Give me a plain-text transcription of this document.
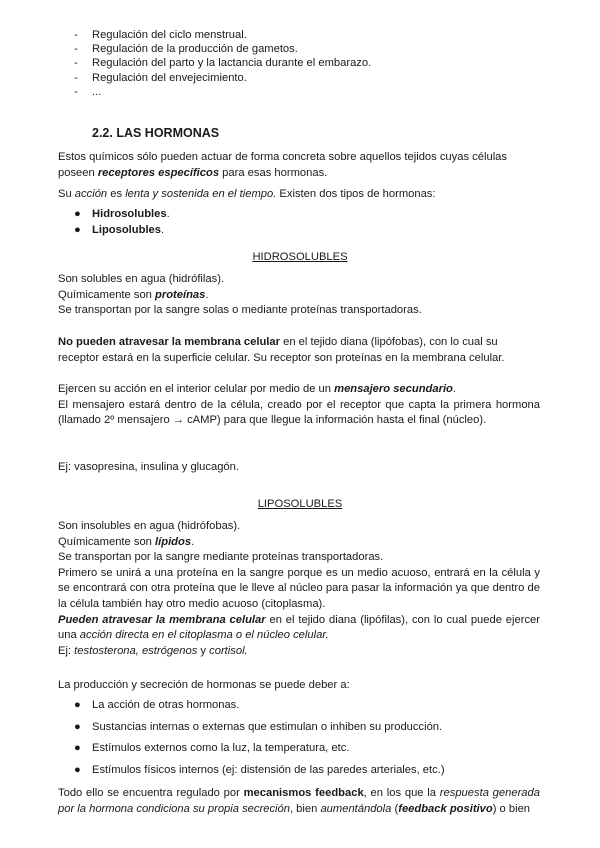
- Regulación del ciclo menstrual.
- Regulación de la producción de gametos.
- Regulación del parto y la lactancia durante el embarazo.
- Regulación del envejecimiento.
- ...
2.2. LAS HORMONAS
Estos químicos sólo pueden actuar de forma concreta sobre aquellos tejidos cuyas células poseen receptores específicos para esas hormonas.
Su acción es lenta y sostenida en el tiempo. Existen dos tipos de hormonas:
● Hidrosolubles.
● Liposolubles.
HIDROSOLUBLES
Son solubles en agua (hidrófilas).
Químicamente son proteínas.
Se transportan por la sangre solas o mediante proteínas transportadoras.
No pueden atravesar la membrana celular en el tejido diana (lipófobas), con lo cual su receptor estará en la superficie celular. Su receptor son proteínas en la membrana celular.
Ejercen su acción en el interior celular por medio de un mensajero secundario.
El mensajero estará dentro de la célula, creado por el receptor que capta la primera hormona (llamado 2º mensajero → cAMP) para que llegue la información hasta el final (núcleo).
Ej: vasopresina, insulina y glucagón.
LIPOSOLUBLES
Son insolubles en agua (hidrófobas).
Químicamente son lípidos.
Se transportan por la sangre mediante proteínas transportadoras.
Primero se unirá a una proteína en la sangre porque es un medio acuoso, entrará en la célula y se encontrará con otra proteína que le lleve al núcleo para pasar la información ya que dentro de la célula también hay otro medio acuoso (citoplasma).
Pueden atravesar la membrana celular en el tejido diana (lipófilas), con lo cual puede ejercer una acción directa en el citoplasma o el núcleo celular.
Ej: testosterona, estrógenos y cortisol.
La producción y secreción de hormonas se puede deber a:
● La acción de otras hormonas.
● Sustancias internas o externas que estimulan o inhiben su producción.
● Estímulos externos como la luz, la temperatura, etc.
● Estímulos físicos internos (ej: distensión de las paredes arteriales, etc.)
Todo ello se encuentra regulado por mecanismos feedback, en los que la respuesta generada por la hormona condiciona su propia secreción, bien aumentándola (feedback positivo) o bien
